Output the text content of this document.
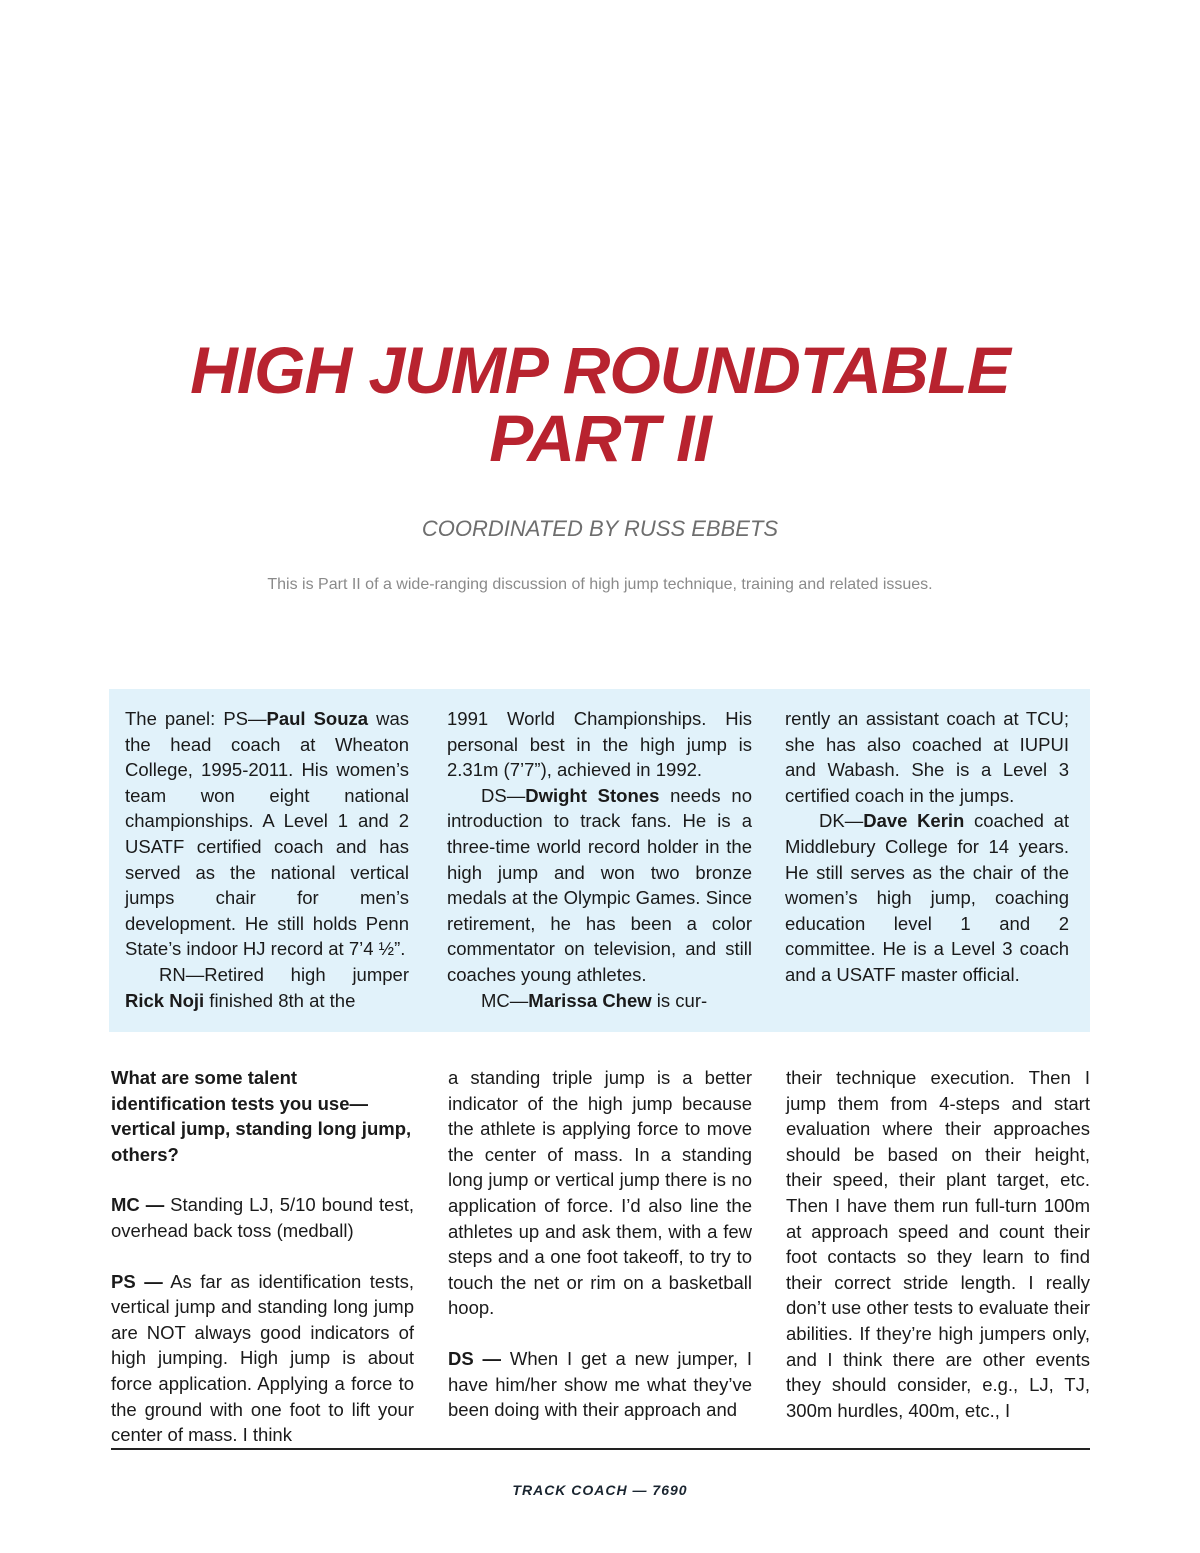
HIGH JUMP ROUNDTABLE
PART II

COORDINATED BY RUSS EBBETS

This is Part II of a wide-ranging discussion of high jump technique, training and related issues.

The panel: PS—Paul Souza was the head coach at Wheaton College, 1995-2011. His women’s team won eight national championships. A Level 1 and 2 USATF certified coach and has served as the national vertical jumps chair for men’s development. He still holds Penn State’s indoor HJ record at 7’4 ½”.

RN—Retired high jumper Rick Noji finished 8th at the

1991 World Championships. His personal best in the high jump is 2.31m (7’7”), achieved in 1992.

DS—Dwight Stones needs no introduction to track fans. He is a three-time world record holder in the high jump and won two bronze medals at the Olympic Games. Since retirement, he has been a color commentator on television, and still coaches young athletes.

MC—Marissa Chew is cur-

rently an assistant coach at TCU; she has also coached at IUPUI and Wabash. She is a Level 3 certified coach in the jumps.

DK—Dave Kerin coached at Middlebury College for 14 years. He still serves as the chair of the women’s high jump, coaching education level 1 and 2 committee. He is a Level 3 coach and a USATF master official.

What are some talent identification tests you use—vertical jump, standing long jump, others?

MC — Standing LJ, 5/10 bound test, overhead back toss (medball)

PS — As far as identification tests, vertical jump and standing long jump are NOT always good indicators of high jumping. High jump is about force application. Applying a force to the ground with one foot to lift your center of mass. I think

a standing triple jump is a better indicator of the high jump because the athlete is applying force to move the center of mass. In a standing long jump or vertical jump there is no application of force. I’d also line the athletes up and ask them, with a few steps and a one foot takeoff, to try to touch the net or rim on a basketball hoop.

DS — When I get a new jumper, I have him/her show me what they’ve been doing with their approach and

their technique execution. Then I jump them from 4-steps and start evaluation where their approaches should be based on their height, their speed, their plant target, etc. Then I have them run full-turn 100m at approach speed and count their foot contacts so they learn to find their correct stride length. I really don’t use other tests to evaluate their abilities. If they’re high jumpers only, and I think there are other events they should consider, e.g., LJ, TJ, 300m hurdles, 400m, etc., I

TRACK COACH — 7690
